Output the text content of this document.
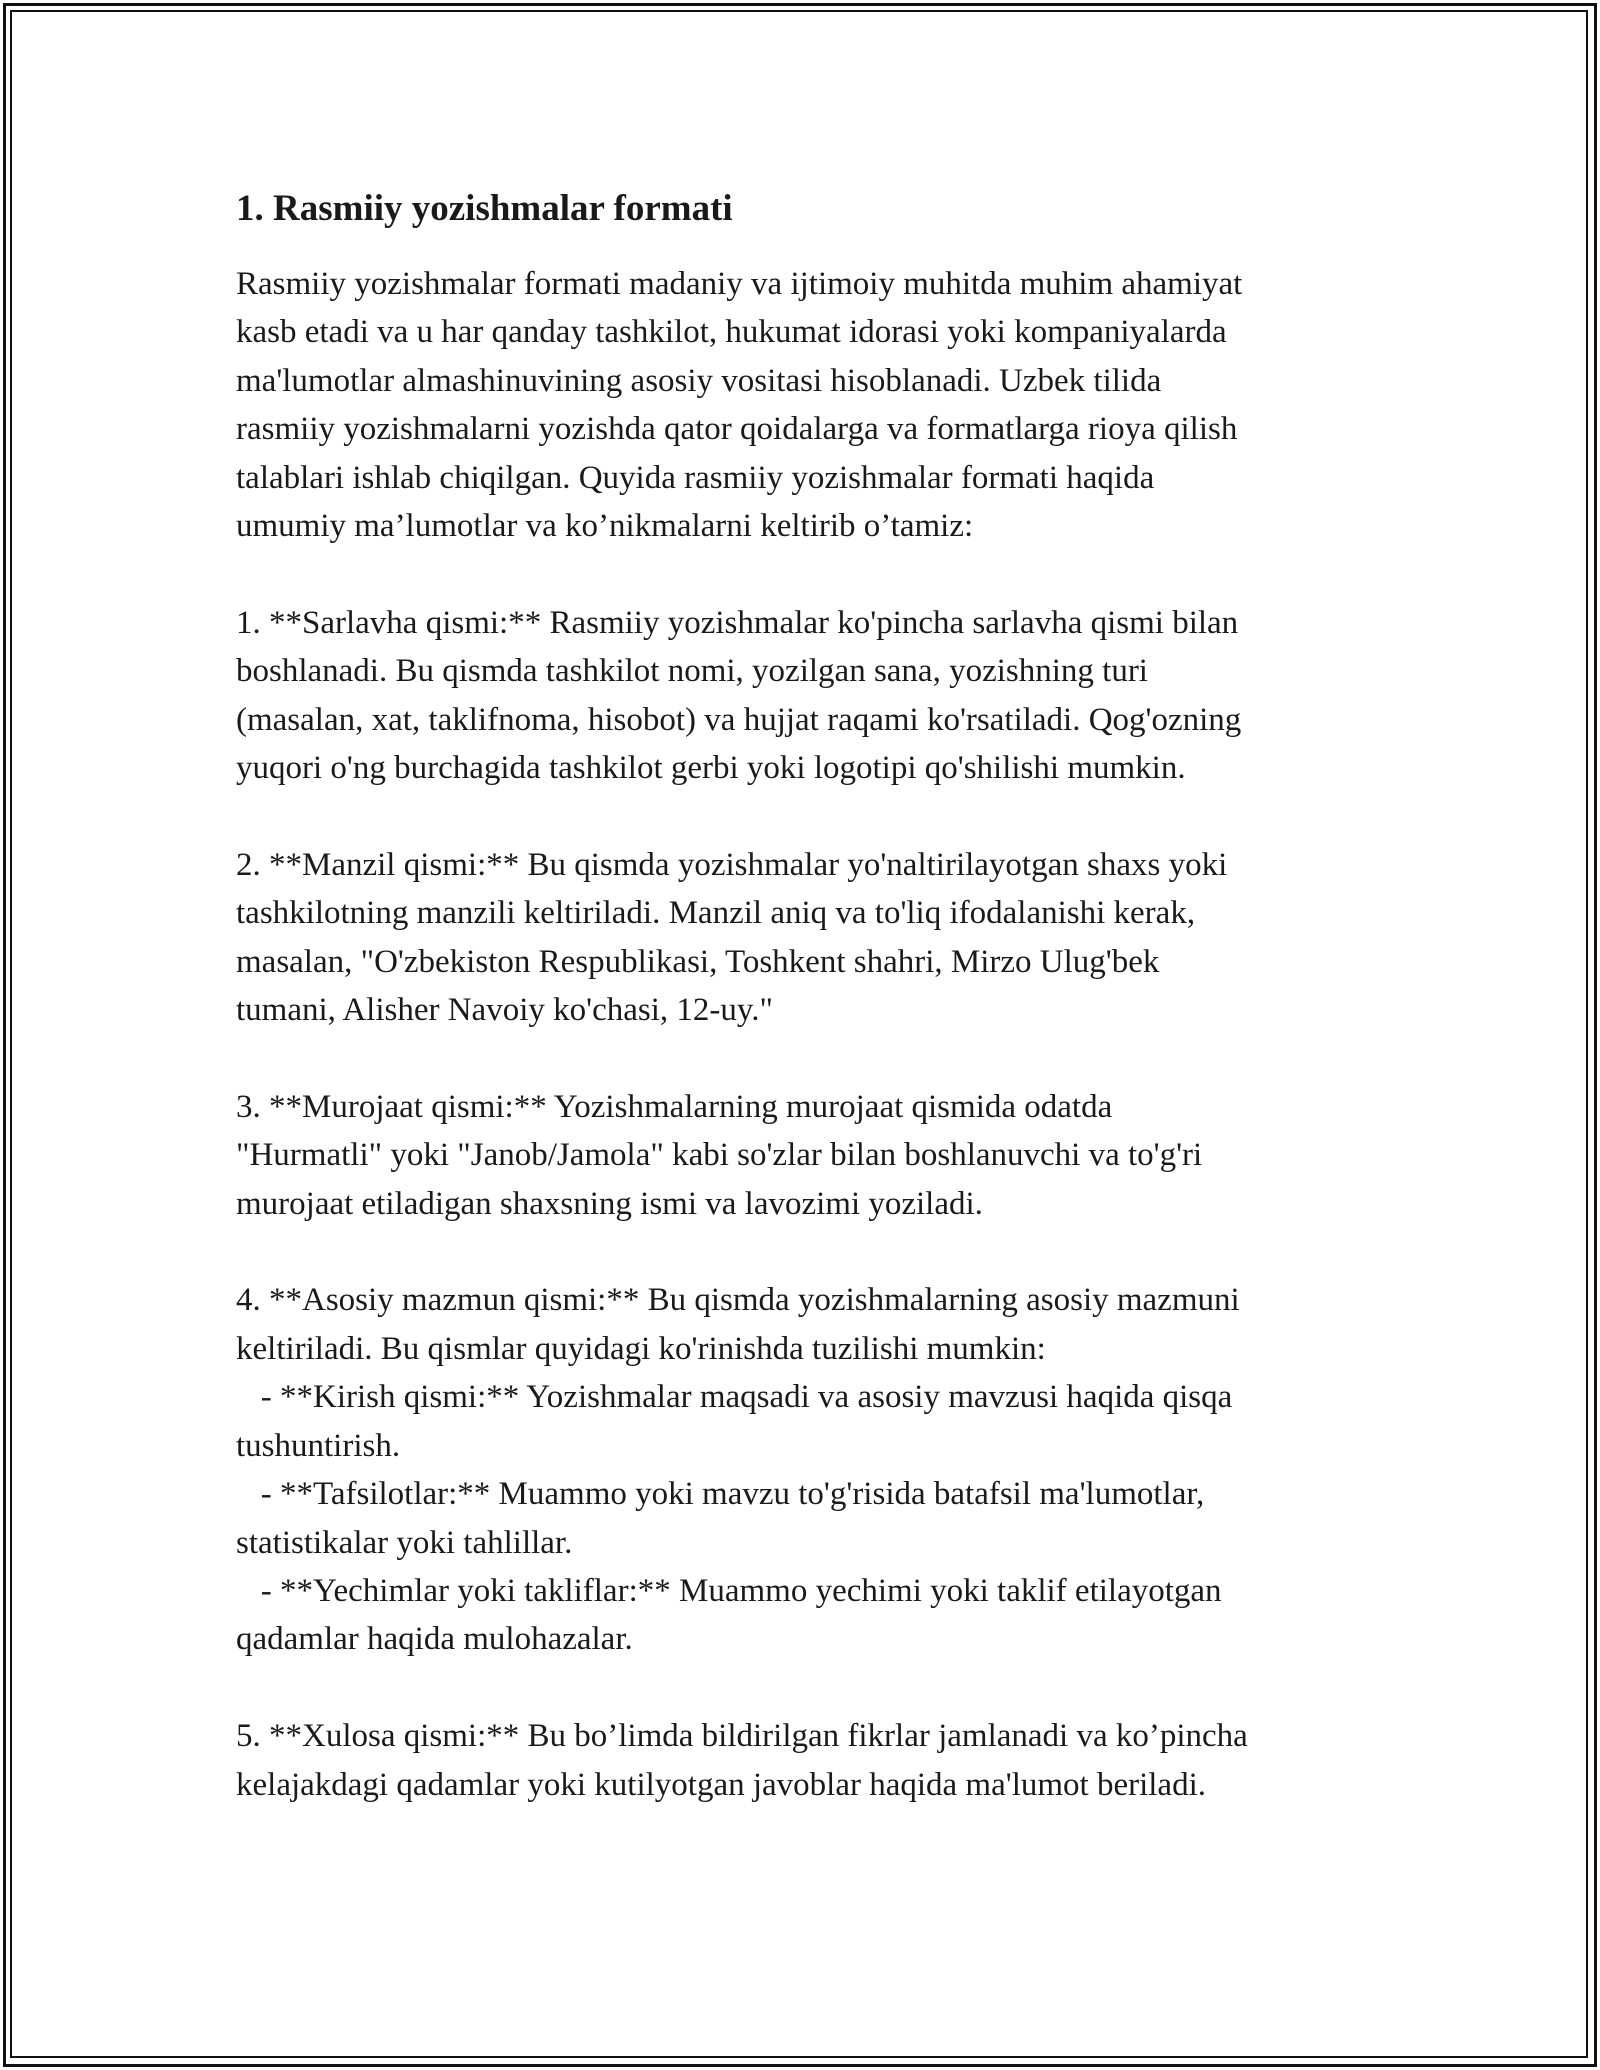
1. Rasmiiy yozishmalar formati
Rasmiiy yozishmalar formati madaniy va ijtimoiy muhitda muhim ahamiyat
kasb etadi va u har qanday tashkilot, hukumat idorasi yoki kompaniyalarda
ma'lumotlar almashinuvining asosiy vositasi hisoblanadi. Uzbek tilida
rasmiiy yozishmalarni yozishda qator qoidalarga va formatlarga rioya qilish
talablari ishlab chiqilgan. Quyida rasmiiy yozishmalar formati haqida
umumiy ma’lumotlar va ko’nikmalarni keltirib o’tamiz:
1. **Sarlavha qismi:** Rasmiiy yozishmalar ko'pincha sarlavha qismi bilan
boshlanadi. Bu qismda tashkilot nomi, yozilgan sana, yozishning turi
(masalan, xat, taklifnoma, hisobot) va hujjat raqami ko'rsatiladi. Qog'ozning
yuqori o'ng burchagida tashkilot gerbi yoki logotipi qo'shilishi mumkin.
2. **Manzil qismi:** Bu qismda yozishmalar yo'naltirilayotgan shaxs yoki
tashkilotning manzili keltiriladi. Manzil aniq va to'liq ifodalanishi kerak,
masalan, "O'zbekiston Respublikasi, Toshkent shahri, Mirzo Ulug'bek
tumani, Alisher Navoiy ko'chasi, 12-uy."
3. **Murojaat qismi:** Yozishmalarning murojaat qismida odatda
"Hurmatli" yoki "Janob/Jamola" kabi so'zlar bilan boshlanuvchi va to'g'ri
murojaat etiladigan shaxsning ismi va lavozimi yoziladi.
4. **Asosiy mazmun qismi:** Bu qismda yozishmalarning asosiy mazmuni
keltiriladi. Bu qismlar quyidagi ko'rinishda tuzilishi mumkin:
- **Kirish qismi:** Yozishmalar maqsadi va asosiy mavzusi haqida qisqa
tushuntirish.
- **Tafsilotlar:** Muammo yoki mavzu to'g'risida batafsil ma'lumotlar,
statistikalar yoki tahlillar.
- **Yechimlar yoki takliflar:** Muammo yechimi yoki taklif etilayotgan
qadamlar haqida mulohazalar.
5. **Xulosa qismi:** Bu bo’limda bildirilgan fikrlar jamlanadi va ko’pincha
kelajakdagi qadamlar yoki kutilyotgan javoblar haqida ma'lumot beriladi.
